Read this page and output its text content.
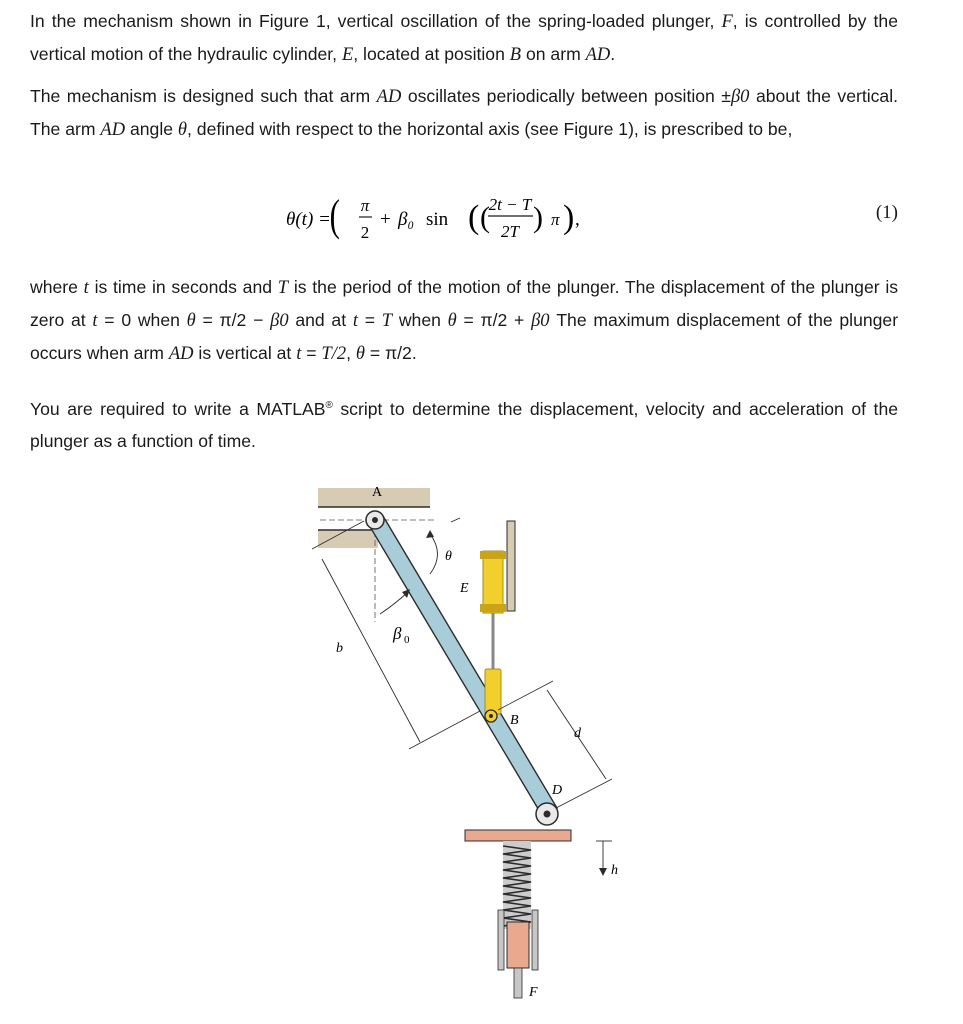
In the mechanism shown in Figure 1, vertical oscillation of the spring-loaded plunger, F, is controlled by the vertical motion of the hydraulic cylinder, E, located at position B on arm AD.

The mechanism is designed such that arm AD oscillates periodically between position ±β0 about the vertical. The arm AD angle θ, defined with respect to the horizontal axis (see Figure 1), is prescribed to be,

θ(t) =
π
2
+ β₀ sin
(	( (
2t − T
2T ) π ) ,	(1)

where t is time in seconds and T is the period of the motion of the plunger. The displacement of the plunger is zero at t = 0 when θ = π/2 − β0 and at t = T when θ = π/2 + β0 The maximum displacement of the plunger occurs when arm AD is vertical at t = T/2, θ = π/2.

You are required to write a MATLAB® script to determine the displacement, velocity and acceleration of the plunger as a function of time.

A
E
B
θ
β 0
b
d
D
F
h
